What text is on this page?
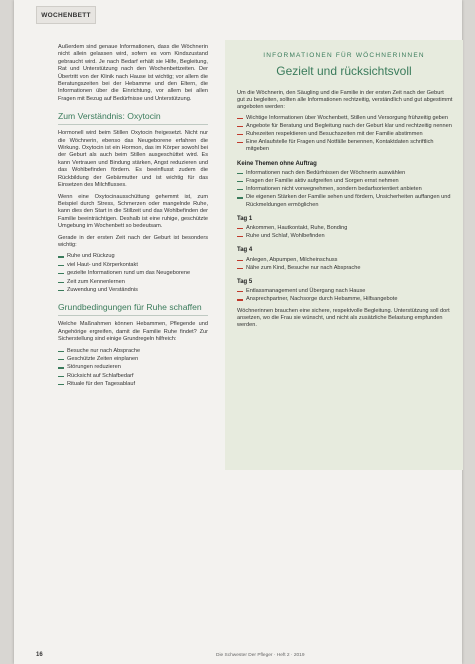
WOCHENBETT

Außerdem sind genaue Informationen, dass die Wöchnerin nicht allein gelassen wird, sofern es vom Kindszustand gebraucht wird. Je nach Bedarf erhält sie Hilfe, Begleitung, Rat und Unterstützung nach den Wochenbettzeiten. Der Übertritt von der Klinik nach Hause ist wichtig; vor allem die Beratungszeiten bei der Hebamme und den Eltern, die Informationen über die Einrichtung, vor allem bei allen Fragen mit Bezug auf Bedürfnisse und Unterstützung.

Zum Verständnis: Oxytocin

Hormonell wird beim Stillen Oxytocin freigesetzt. Nicht nur die Wöchnerin, ebenso das Neugeborene erfahren die Wirkung. Oxytocin ist ein Hormon, das im Körper sowohl bei der Geburt als auch beim Stillen ausgeschüttet wird. Es kann Vertrauen und Bindung stärken, Angst reduzieren und das Wohlbefinden fördern. Es beeinflusst zudem die Rückbildung der Gebärmutter und ist wichtig für das Einsetzen des Milchflusses.

Wenn eine Oxytocinausschüttung gehemmt ist, zum Beispiel durch Stress, Schmerzen oder mangelnde Ruhe, kann dies den Start in die Stillzeit und das Wohlbefinden der Familie beeinträchtigen. Deshalb ist eine ruhige, geschützte Umgebung im Wochenbett so bedeutsam.

Gerade in der ersten Zeit nach der Geburt ist besonders wichtig:

Ruhe und Rückzug
viel Haut- und Körperkontakt
gezielte Informationen rund um das Neugeborene
Zeit zum Kennenlernen
Zuwendung und Verständnis
Grundbedingungen für Ruhe schaffen

Welche Maßnahmen können Hebammen, Pflegende und Angehörige ergreifen, damit die Familie Ruhe findet? Zur Sicherstellung sind einige Grundregeln hilfreich:

Besuche nur nach Absprache
Geschützte Zeiten einplanen
Störungen reduzieren
Rücksicht auf Schlafbedarf
Rituale für den Tagesablauf
INFORMATIONEN FÜR WÖCHNERINNEN
Gezielt und rücksichtsvoll

Um die Wöchnerin, den Säugling und die Familie in der ersten Zeit nach der Geburt gut zu begleiten, sollten alle Informationen rechtzeitig, verständlich und gut abgestimmt angeboten werden:

Wichtige Informationen über Wochenbett, Stillen und Versorgung frühzeitig geben
Angebote für Beratung und Begleitung nach der Geburt klar und rechtzeitig nennen
Ruhezeiten respektieren und Besuchszeiten mit der Familie abstimmen
Eine Anlaufstelle für Fragen und Notfälle benennen, Kontaktdaten schriftlich mitgeben
Keine Themen ohne Auftrag
Informationen nach den Bedürfnissen der Wöchnerin auswählen
Fragen der Familie aktiv aufgreifen und Sorgen ernst nehmen
Informationen nicht vorwegnehmen, sondern bedarfsorientiert anbieten
Die eigenen Stärken der Familie sehen und fördern, Unsicherheiten auffangen und Rückmeldungen ermöglichen
Tag 1
Ankommen, Hautkontakt, Ruhe, Bonding
Ruhe und Schlaf, Wohlbefinden
Tag 4
Anlegen, Abpumpen, Milcheinschuss
Nähe zum Kind, Besuche nur nach Absprache
Tag 5
Entlassmanagement und Übergang nach Hause
Ansprechpartner, Nachsorge durch Hebamme, Hilfsangebote

Wöchnerinnen brauchen eine sichere, respektvolle Begleitung. Unterstützung soll dort ansetzen, wo die Frau sie wünscht, und nicht als zusätzliche Belastung empfunden werden.

16	Die Schwester Der Pfleger · Heft 2 · 2019
